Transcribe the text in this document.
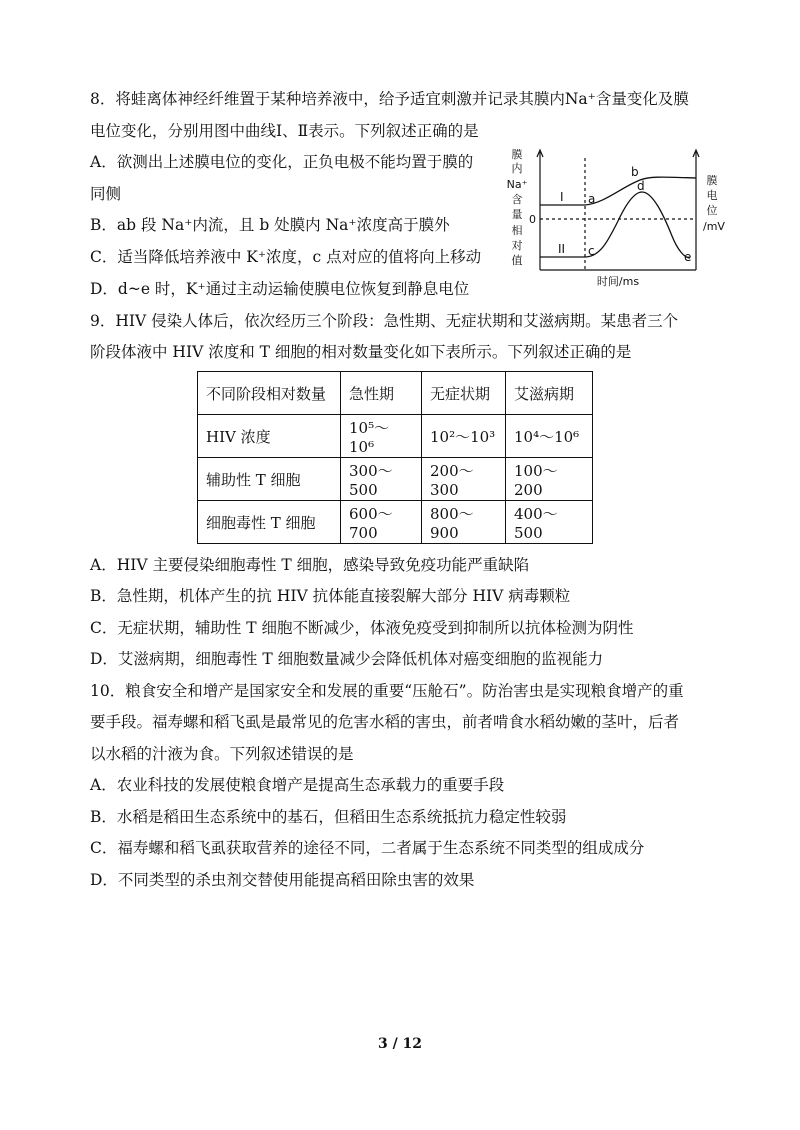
8．将蛙离体神经纤维置于某种培养液中，给予适宜刺激并记录其膜内Na⁺含量变化及膜
电位变化，分别用图中曲线Ⅰ、Ⅱ表示。下列叙述正确的是
A．欲测出上述膜电位的变化，正负电极不能均置于膜的
同侧
B．ab 段 Na⁺内流，且 b 处膜内 Na⁺浓度高于膜外
C．适当降低培养液中 K⁺浓度，c 点对应的值将向上移动
D．d~e 时，K⁺通过主动运输使膜电位恢复到静息电位
膜
内
Na⁺
含
量
相
对
值
膜
电
位
/mV
0
I
II
a
b
c
d
e
时间/ms
9．HIV 侵染人体后，依次经历三个阶段：急性期、无症状期和艾滋病期。某患者三个
阶段体液中 HIV 浓度和 T 细胞的相对数量变化如下表所示。下列叙述正确的是
不同阶段相对数量	急性期	无症状期	艾滋病期
HIV 浓度	10⁵～10⁶	10²～10³	10⁴～10⁶
辅助性 T 细胞	300～500	200～300	100～200
细胞毒性 T 细胞	600～700	800～900	400～500
A．HIV 主要侵染细胞毒性 T 细胞，感染导致免疫功能严重缺陷
B．急性期，机体产生的抗 HIV 抗体能直接裂解大部分 HIV 病毒颗粒
C．无症状期，辅助性 T 细胞不断减少，体液免疫受到抑制所以抗体检测为阴性
D．艾滋病期，细胞毒性 T 细胞数量减少会降低机体对癌变细胞的监视能力
10．粮食安全和增产是国家安全和发展的重要“压舱石”。防治害虫是实现粮食增产的重
要手段。福寿螺和稻飞虱是最常见的危害水稻的害虫，前者啃食水稻幼嫩的茎叶，后者
以水稻的汁液为食。下列叙述错误的是
A．农业科技的发展使粮食增产是提高生态承载力的重要手段
B．水稻是稻田生态系统中的基石，但稻田生态系统抵抗力稳定性较弱
C．福寿螺和稻飞虱获取营养的途径不同，二者属于生态系统不同类型的组成成分
D．不同类型的杀虫剂交替使用能提高稻田除虫害的效果
3 / 12
